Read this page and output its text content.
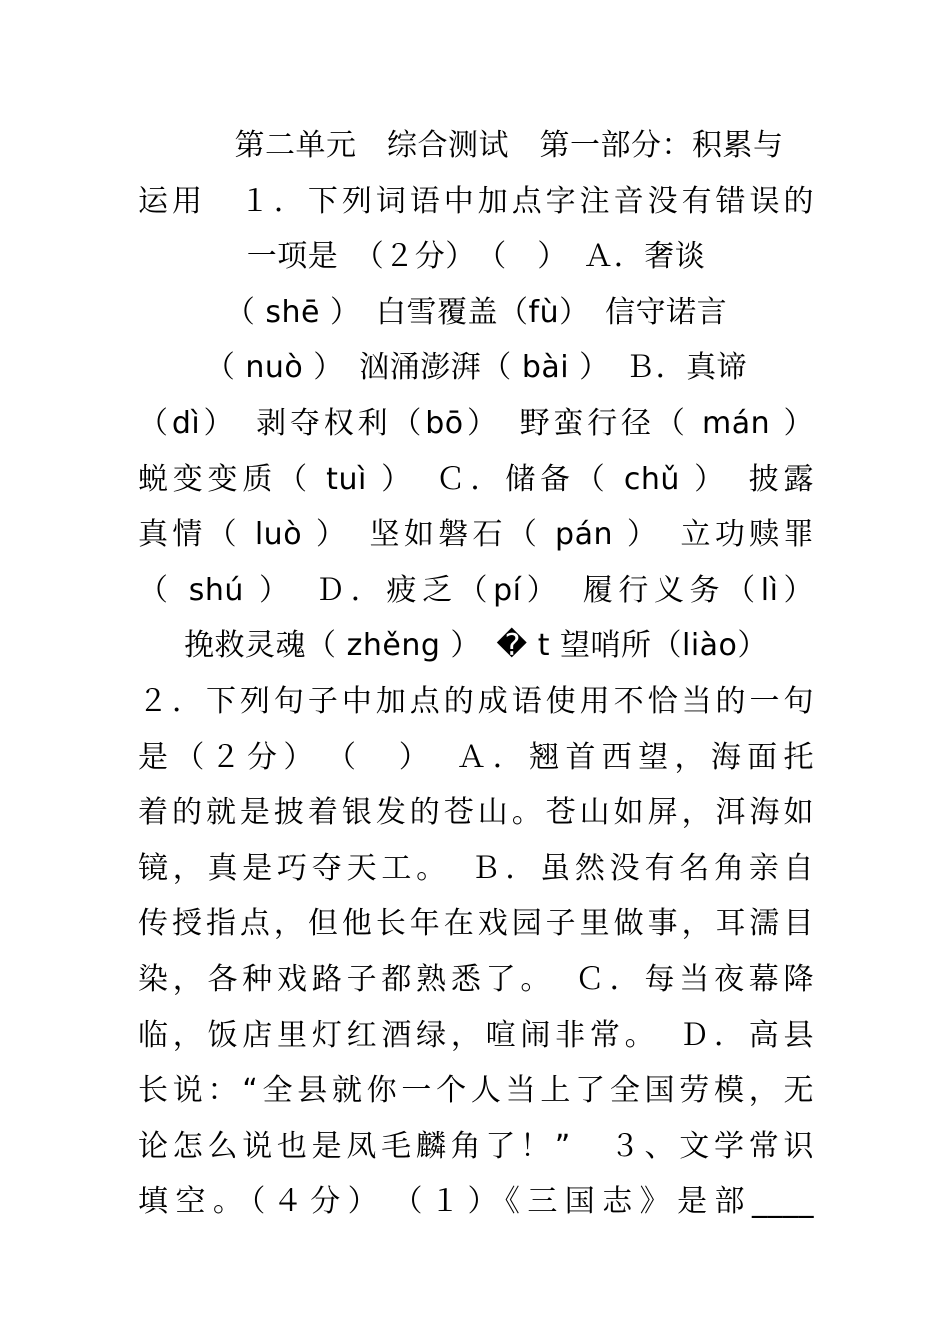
第二单元　综合测试　第一部分：积累与
运用　１．下列词语中加点字注音没有错误的
一项是　（２分）　（　）　Ａ．奢谈
（ shē ）　白雪覆盖（fù）　信守诺言
（ nuò ）　汹涌澎湃（ bài ）　Ｂ．真谛
（dì）　剥夺权利（bō）　野蛮行径（ mán ）
蜕变变质（ tuì ）　Ｃ．储备（ chǔ ）　披露
真情（ luò ）　坚如磐石（ pán ）　立功赎罪
（ shú ）　Ｄ．疲乏（pí）　履行义务（lì）
挽救灵魂（ zhěng ）　� t 望哨所（liào）
２．下列句子中加点的成语使用不恰当的一句
是（２分）　（　）　Ａ．翘首西望，海面托
着的就是披着银发的苍山。苍山如屏，洱海如
镜，真是巧夺天工。　Ｂ．虽然没有名角亲自
传授指点，但他长年在戏园子里做事，耳濡目
染，各种戏路子都熟悉了。　Ｃ．每当夜幕降
临，饭店里灯红酒绿，喧闹非常。　Ｄ．高县
长说：“全县就你一个人当上了全国劳模，无
论怎么说也是凤毛麟角了！”　３、文学常识
填空。（４分）　（１）《三国志》是部____
